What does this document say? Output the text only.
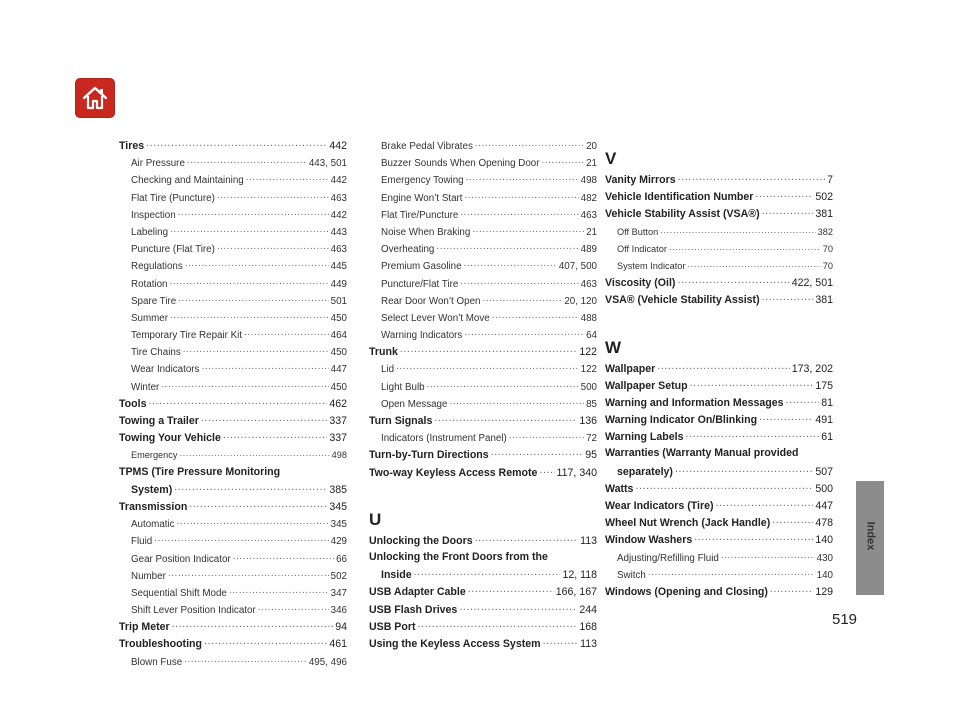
Tires .....	442
Air Pressure .....	443, 501
Checking and Maintaining .....	442
Flat Tire (Puncture) .....	463
Inspection .....	442
Labeling .....	443
Puncture (Flat Tire) .....	463
Regulations .....	445
Rotation .....	449
Spare Tire .....	501
Summer .....	450
Temporary Tire Repair Kit .....	464
Tire Chains .....	450
Wear Indicators .....	447
Winter .....	450
Tools .....	462
Towing a Trailer .....	337
Towing Your Vehicle .....	337
Emergency .....	498
TPMS (Tire Pressure Monitoring
System) .....	385
Transmission .....	345
Automatic .....	345
Fluid .....	429
Gear Position Indicator .....	66
Number .....	502
Sequential Shift Mode .....	347
Shift Lever Position Indicator .....	346
Trip Meter .....	94
Troubleshooting .....	461
Blown Fuse .....	495, 496
Brake Pedal Vibrates .....	20
Buzzer Sounds When Opening Door .....	21
Emergency Towing .....	498
Engine Won’t Start .....	482
Flat Tire/Puncture .....	463
Noise When Braking .....	21
Overheating .....	489
Premium Gasoline .....	407, 500
Puncture/Flat Tire .....	463
Rear Door Won’t Open .....	20, 120
Select Lever Won’t Move .....	488
Warning Indicators .....	64
Trunk .....	122
Lid .....	122
Light Bulb .....	500
Open Message .....	85
Turn Signals .....	136
Indicators (Instrument Panel) .....	72
Turn-by-Turn Directions .....	95
Two-way Keyless Access Remote ..... 117, 340
U
Unlocking the Doors .....	113
Unlocking the Front Doors from the
Inside .....	12, 118
USB Adapter Cable .....	166, 167
USB Flash Drives .....	244
USB Port .....	168
Using the Keyless Access System .....	113
V
Vanity Mirrors .....	7
Vehicle Identification Number .....	502
Vehicle Stability Assist (VSA®) .....	381
Off Button .....	382
Off Indicator .....	70
System Indicator .....	70
Viscosity (Oil) .....	422, 501
VSA® (Vehicle Stability Assist) .....	381
W
Wallpaper .....	173, 202
Wallpaper Setup .....	175
Warning and Information Messages .....	81
Warning Indicator On/Blinking .....	491
Warning Labels .....	61
Warranties (Warranty Manual provided
separately) .....	507
Watts .....	500
Wear Indicators (Tire) .....	447
Wheel Nut Wrench (Jack Handle) .....	478
Window Washers .....	140
Adjusting/Refilling Fluid .....	430
Switch .....	140
Windows (Opening and Closing) .....	129
Index
519
